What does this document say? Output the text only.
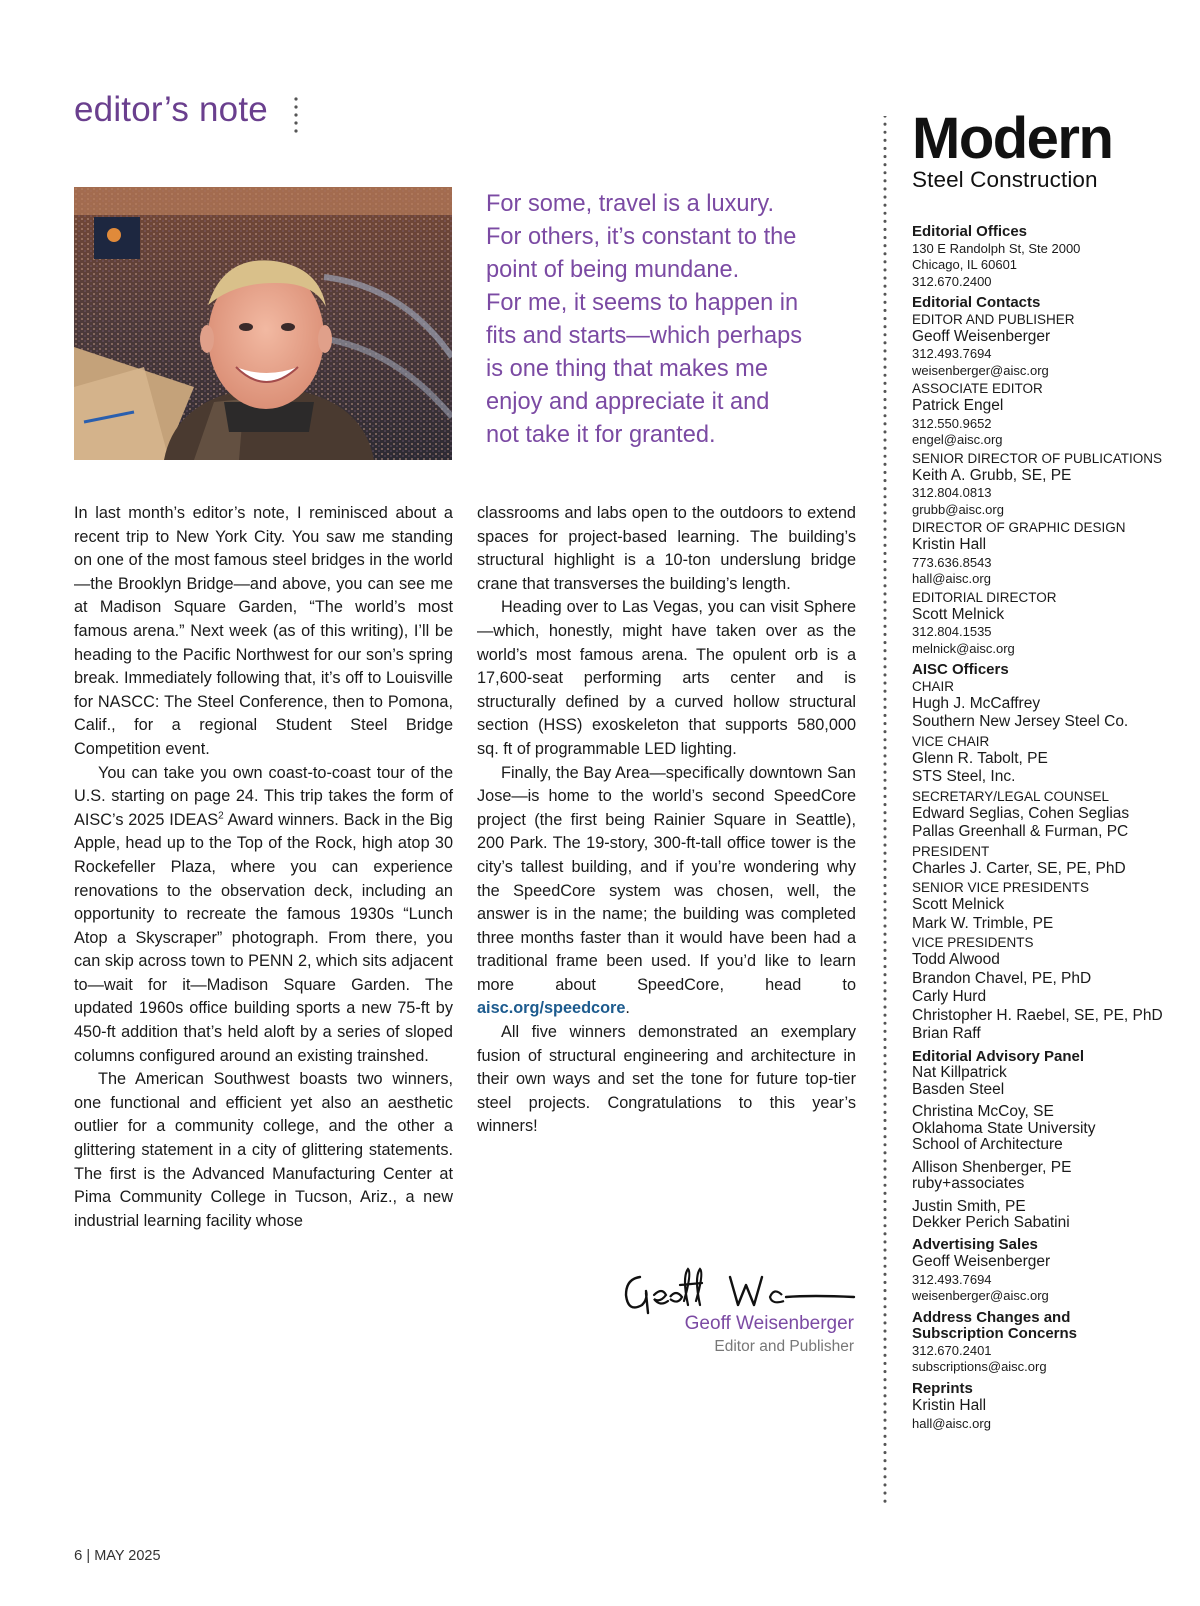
editor’s note

For some, travel is a luxury.
For others, it’s constant to the
point of being mundane.
For me, it seems to happen in
fits and starts—which perhaps
is one thing that makes me
enjoy and appreciate it and
not take it for granted.

In last month’s editor’s note, I reminisced about a recent trip to New York City. You saw me standing on one of the most famous steel bridges in the world—the Brooklyn Bridge—and above, you can see me at Madison Square Garden, “The world’s most famous arena.” Next week (as of this writing), I’ll be heading to the Pacific Northwest for our son’s spring break. Immediately following that, it’s off to Louisville for NASCC: The Steel Conference, then to Pomona, Calif., for a regional Student Steel Bridge Competition event.

You can take you own coast-to-coast tour of the U.S. starting on page 24. This trip takes the form of AISC’s 2025 IDEAS$^2$ Award winners. Back in the Big Apple, head up to the Top of the Rock, high atop 30 Rockefeller Plaza, where you can experience renovations to the observation deck, including an opportunity to recreate the famous 1930s “Lunch Atop a Skyscraper” photograph. From there, you can skip across town to PENN 2, which sits adjacent to—wait for it—Madison Square Garden. The updated 1960s office building sports a new 75-ft by 450-ft addition that’s held aloft by a series of sloped columns configured around an existing trainshed.

The American Southwest boasts two winners, one functional and efficient yet also an aesthetic outlier for a community college, and the other a glittering statement in a city of glittering statements. The first is the Advanced Manufacturing Center at Pima Community College in Tucson, Ariz., a new industrial learning facility whose

classrooms and labs open to the outdoors to extend spaces for project-based learning. The building’s structural highlight is a 10-ton underslung bridge crane that transverses the building’s length.

Heading over to Las Vegas, you can visit Sphere—which, honestly, might have taken over as the world’s most famous arena. The opulent orb is a 17,600-seat performing arts center and is structurally defined by a curved hollow structural section (HSS) exoskeleton that supports 580,000 sq. ft of programmable LED lighting.

Finally, the Bay Area—specifically downtown San Jose—is home to the world’s second SpeedCore project (the first being Rainier Square in Seattle), 200 Park. The 19-story, 300-ft-tall office tower is the city’s tallest building, and if you’re wondering why the SpeedCore system was chosen, well, the answer is in the name; the building was completed three months faster than it would have been had a traditional frame been used. If you’d like to learn more about SpeedCore, head to aisc.org/speedcore.

All five winners demonstrated an exemplary fusion of structural engineering and architecture in their own ways and set the tone for future top-tier steel projects. Congratulations to this year’s winners!

Geoff Weisenberger
Editor and Publisher
6 | MAY 2025
Modern
Steel Construction
Editorial Offices
130 E Randolph St, Ste 2000
Chicago, IL 60601
312.670.2400
Editorial Contacts
EDITOR AND PUBLISHER
Geoff Weisenberger
312.493.7694
weisenberger@aisc.org
ASSOCIATE EDITOR
Patrick Engel
312.550.9652
engel@aisc.org
SENIOR DIRECTOR OF PUBLICATIONS
Keith A. Grubb, SE, PE
312.804.0813
grubb@aisc.org
DIRECTOR OF GRAPHIC DESIGN
Kristin Hall
773.636.8543
hall@aisc.org
EDITORIAL DIRECTOR
Scott Melnick
312.804.1535
melnick@aisc.org
AISC Officers
CHAIR
Hugh J. McCaffrey
Southern New Jersey Steel Co.
VICE CHAIR
Glenn R. Tabolt, PE
STS Steel, Inc.
SECRETARY/LEGAL COUNSEL
Edward Seglias, Cohen Seglias
Pallas Greenhall & Furman, PC
PRESIDENT
Charles J. Carter, SE, PE, PhD
SENIOR VICE PRESIDENTS
Scott Melnick
Mark W. Trimble, PE
VICE PRESIDENTS
Todd Alwood
Brandon Chavel, PE, PhD
Carly Hurd
Christopher H. Raebel, SE, PE, PhD
Brian Raff
Editorial Advisory Panel
Nat Killpatrick
Basden Steel
Christina McCoy, SE
Oklahoma State University
School of Architecture
Allison Shenberger, PE
ruby+associates
Justin Smith, PE
Dekker Perich Sabatini
Advertising Sales
Geoff Weisenberger
312.493.7694
weisenberger@aisc.org
Address Changes and
Subscription Concerns
312.670.2401
subscriptions@aisc.org
Reprints
Kristin Hall
hall@aisc.org
